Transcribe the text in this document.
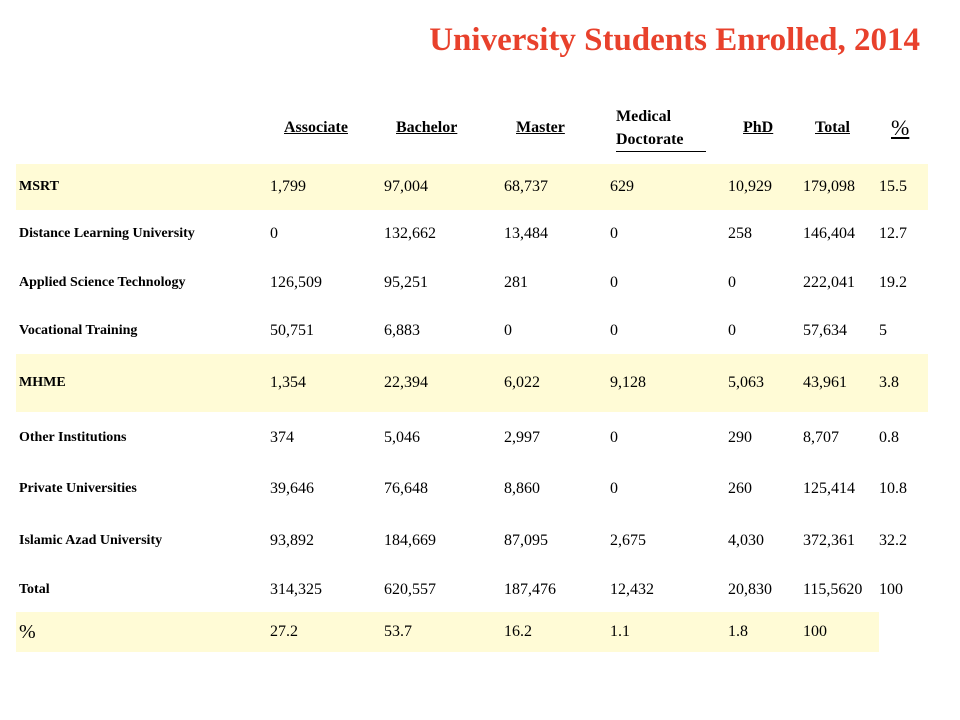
University Students Enrolled, 2014
	Associate	Bachelor	Master	Medical Doctorate	PhD	Total	%
MSRT	1,799	97,004	68,737	629	10,929	179,098	15.5
Distance Learning University	0	132,662	13,484	0	258	146,404	12.7
Applied Science Technology	126,509	95,251	281	0	0	222,041	19.2
Vocational Training	50,751	6,883	0	0	0	57,634	5
MHME	1,354	22,394	6,022	9,128	5,063	43,961	3.8
Other Institutions	374	5,046	2,997	0	290	8,707	0.8
Private Universities	39,646	76,648	8,860	0	260	125,414	10.8
Islamic Azad University	93,892	184,669	87,095	2,675	4,030	372,361	32.2
Total	314,325	620,557	187,476	12,432	20,830	115,5620	100
%	27.2	53.7	16.2	1.1	1.8	100	
